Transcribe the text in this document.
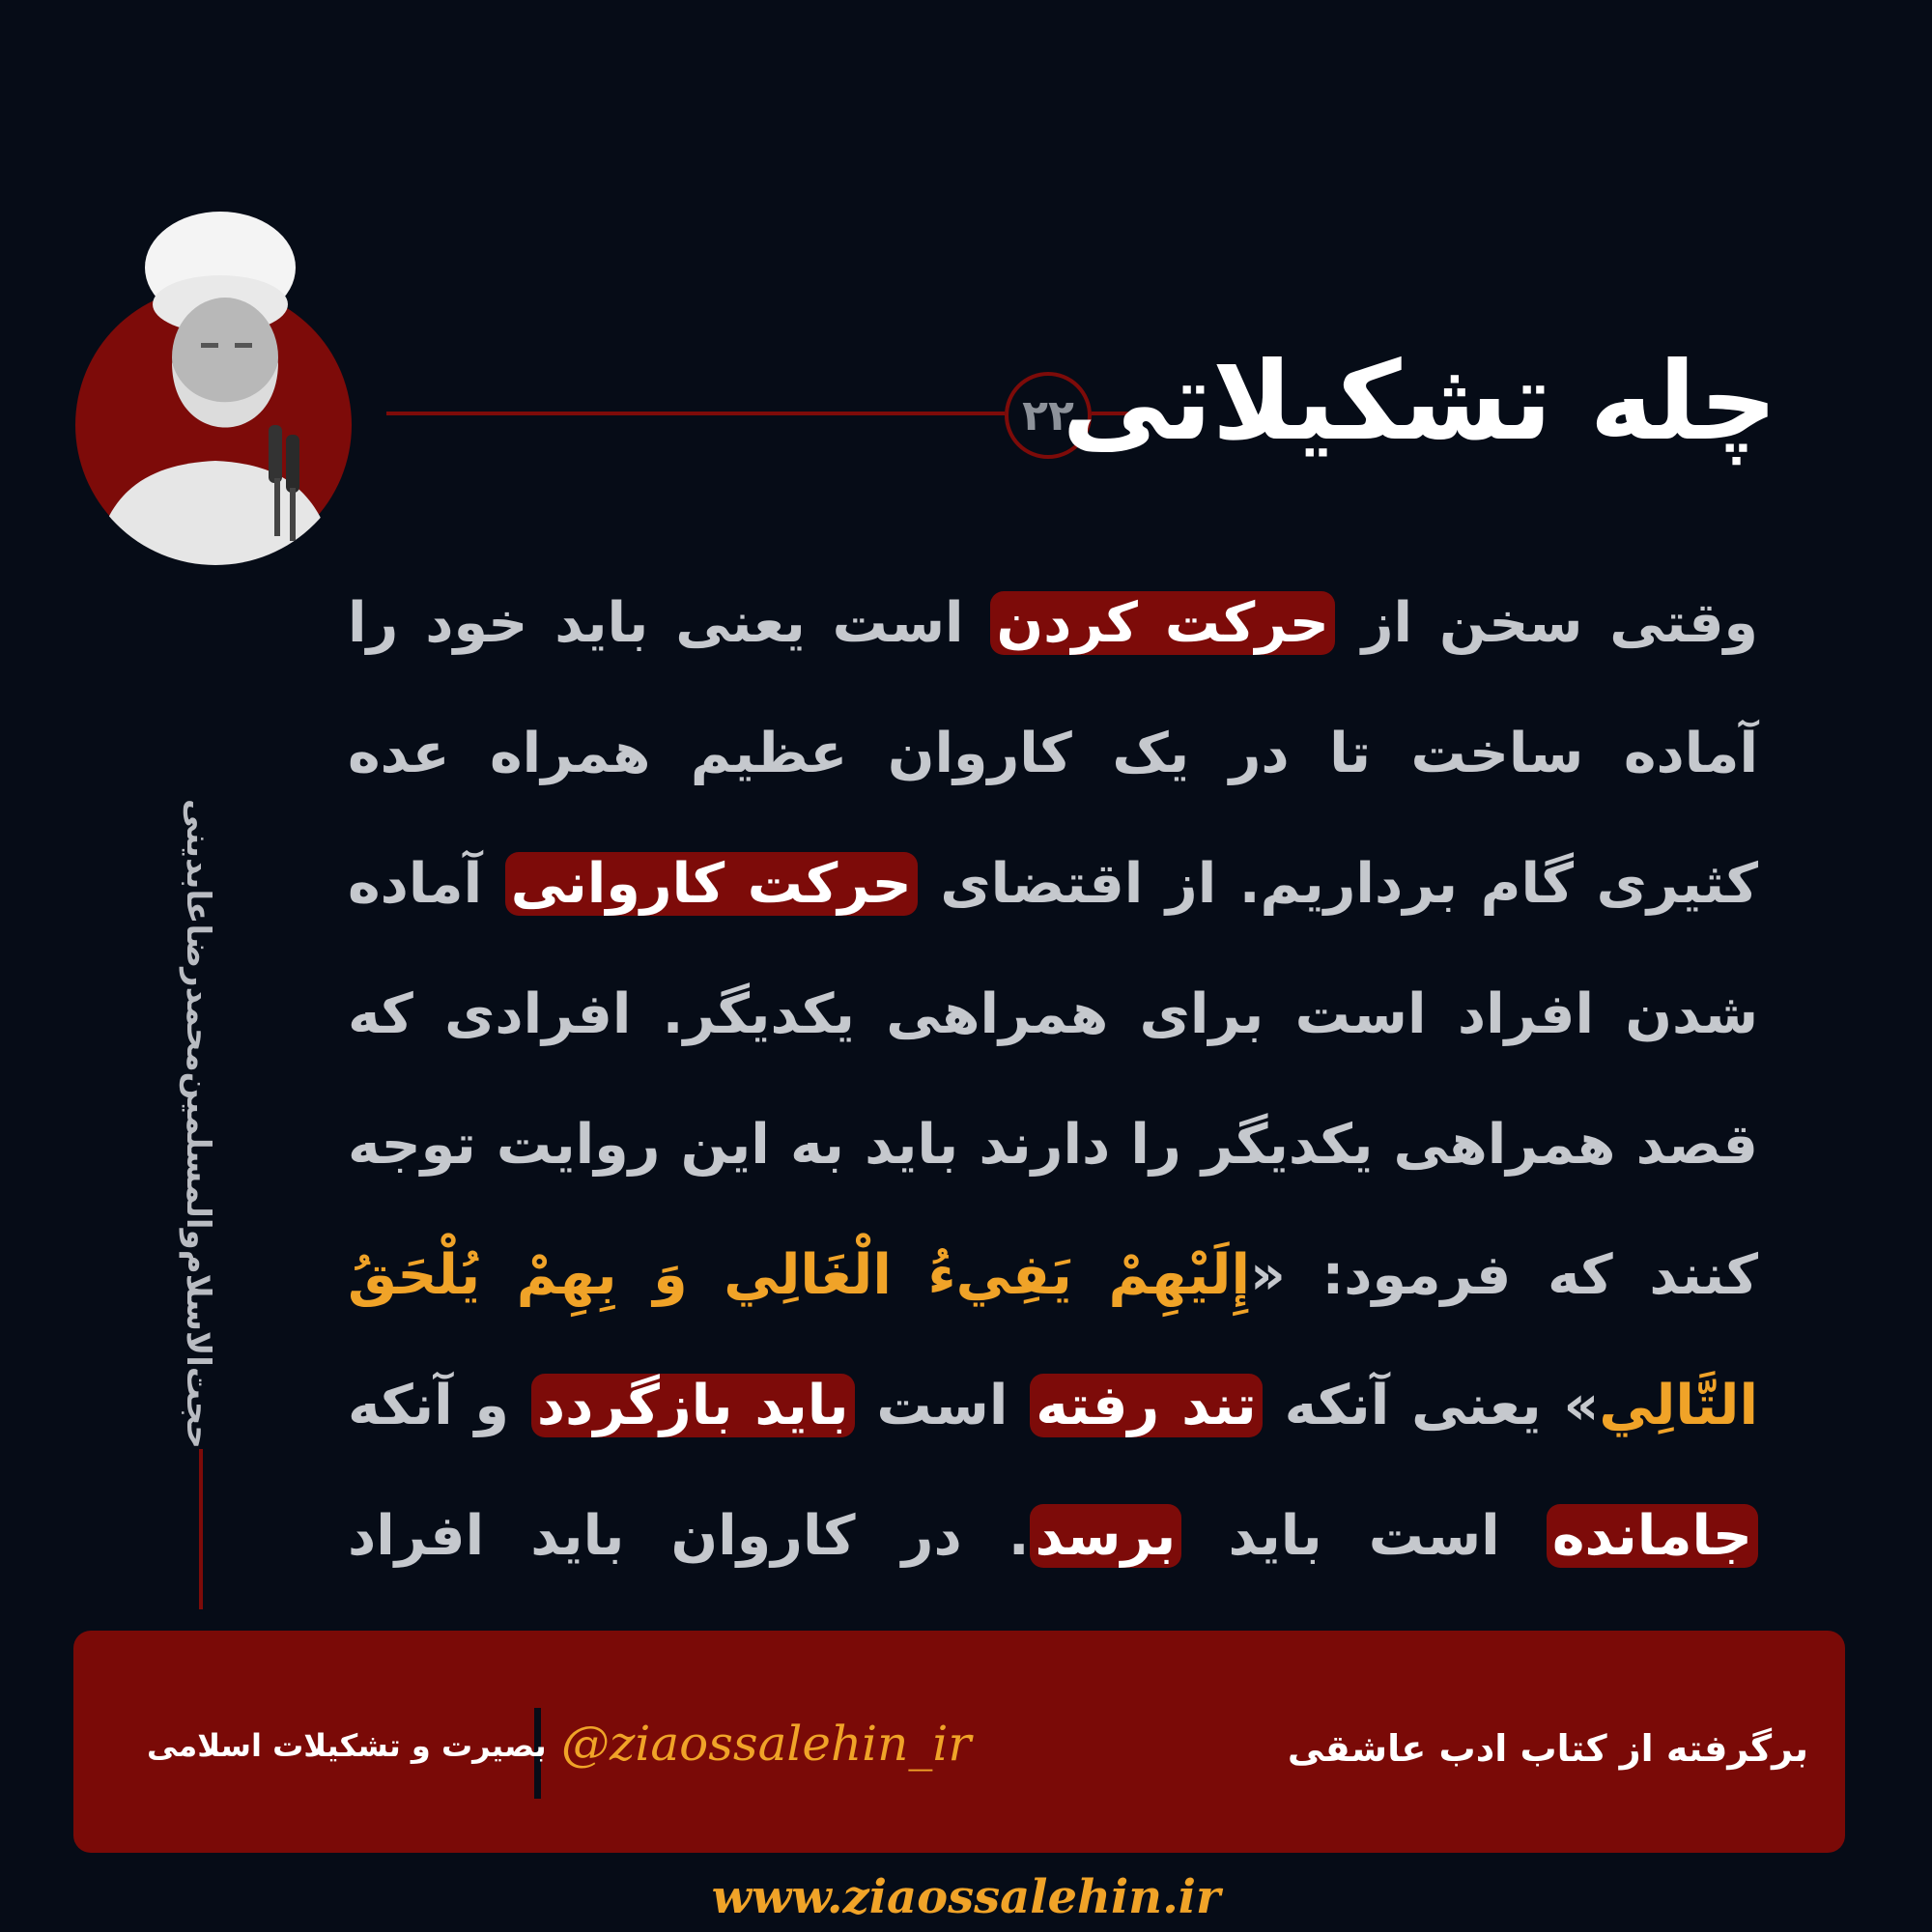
حجت‌الاسلام‌والمسلمین‌محمدرضاعابدینی
۲۲
چله تشکیلاتی
وقتی سخن از حرکت کردن است یعنی باید خود را آماده ساخت تا در یک کاروان عظیم همراه عده کثیری گام برداریم. از اقتضای حرکت کاروانی آماده شدن افراد است برای همراهی یکدیگر. افرادی که قصد همراهی یکدیگر را دارند باید به این روایت توجه کنند که فرمود: «إِلَيْهِمْ يَفِيءُ الْغَالِي وَ بِهِمْ يُلْحَقُ التَّالِي» یعنی آنکه تند رفته است باید بازگردد و آنکه جامانده است باید برسد. در کاروان باید افراد
برگرفته از کتاب ادب عاشقی
@ziaossalehin_ir
بصیرت و تشکیلات اسلامی
www.ziaossalehin.ir
